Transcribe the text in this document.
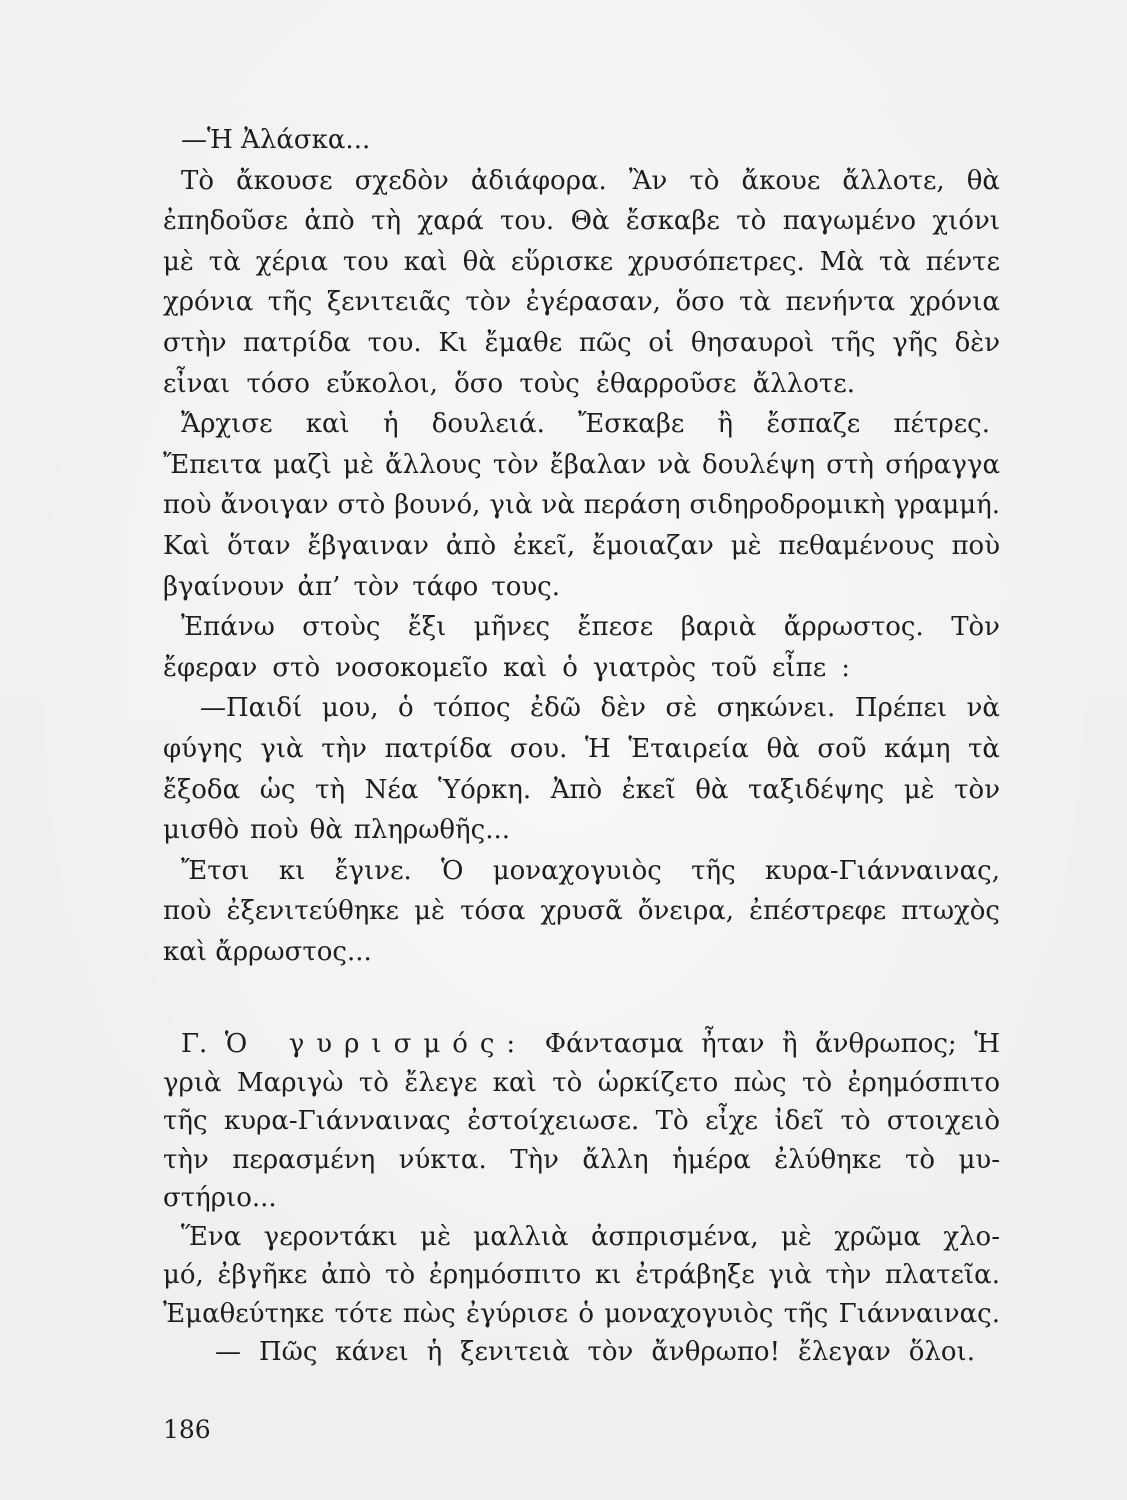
—Ἡ Ἀλάσκα...
Τὸ ἄκουσε σχεδὸν ἀδιάφορα. Ἂν τὸ ἄκουε ἄλλοτε, θὰ
ἐπηδοῦσε ἀπὸ τὴ χαρά του. Θὰ ἔσκαβε τὸ παγωμένο χιόνι
μὲ τὰ χέρια του καὶ θὰ εὕρισκε χρυσόπετρες. Μὰ τὰ πέντε
χρόνια τῆς ξενιτειᾶς τὸν ἐγέρασαν, ὅσο τὰ πενήντα χρόνια
στὴν πατρίδα του. Κι ἔμαθε πῶς οἱ θησαυροὶ τῆς γῆς δὲν
εἶναι τόσο εὔκολοι, ὅσο τοὺς ἐθαρροῦσε ἄλλοτε.
Ἄρχισε καὶ ἡ δουλειά. Ἔσκαβε ἢ ἔσπαζε πέτρες.
Ἔπειτα μαζὶ μὲ ἄλλους τὸν ἔβαλαν νὰ δουλέψη στὴ σήραγγα
ποὺ ἄνοιγαν στὸ βουνό, γιὰ νὰ περάση σιδηροδρομικὴ γραμμή.
Καὶ ὅταν ἔβγαιναν ἀπὸ ἐκεῖ, ἔμοιαζαν μὲ πεθαμένους ποὺ
βγαίνουν ἀπ’ τὸν τάφο τους.
Ἐπάνω στοὺς ἔξι μῆνες ἔπεσε βαριὰ ἄρρωστος. Τὸν
ἔφεραν στὸ νοσοκομεῖο καὶ ὁ γιατρὸς τοῦ εἶπε :
—Παιδί μου, ὁ τόπος ἐδῶ δὲν σὲ σηκώνει. Πρέπει νὰ
φύγης γιὰ τὴν πατρίδα σου. Ἡ Ἑταιρεία θὰ σοῦ κάμη τὰ
ἔξοδα ὡς τὴ Νέα Ὑόρκη. Ἀπὸ ἐκεῖ θὰ ταξιδέψης μὲ τὸν
μισθὸ ποὺ θὰ πληρωθῆς...
Ἔτσι κι ἔγινε. Ὁ μοναχογυιὸς τῆς κυρα-Γιάνναινας,
ποὺ ἐξενιτεύθηκε μὲ τόσα χρυσᾶ ὄνειρα, ἐπέστρεφε πτωχὸς
καὶ ἄρρωστος...
Γ. Ὁ γυρισμός: Φάντασμα ἦταν ἢ ἄνθρωπος; Ἡ
γριὰ Μαριγὼ τὸ ἔλεγε καὶ τὸ ὡρκίζετο πὼς τὸ ἐρημόσπιτο
τῆς κυρα-Γιάνναινας ἐστοίχειωσε. Τὸ εἶχε ἰδεῖ τὸ στοιχειὸ
τὴν περασμένη νύκτα. Τὴν ἄλλη ἡμέρα ἐλύθηκε τὸ μυ-
στήριο...
Ἕνα γεροντάκι μὲ μαλλιὰ ἀσπρισμένα, μὲ χρῶμα χλο-
μό, ἐβγῆκε ἀπὸ τὸ ἐρημόσπιτο κι ἐτράβηξε γιὰ τὴν πλατεῖα.
Ἐμαθεύτηκε τότε πὼς ἐγύρισε ὁ μοναχογυιὸς τῆς Γιάνναινας.
— Πῶς κάνει ἡ ξενιτειὰ τὸν ἄνθρωπο! ἔλεγαν ὅλοι.
186
